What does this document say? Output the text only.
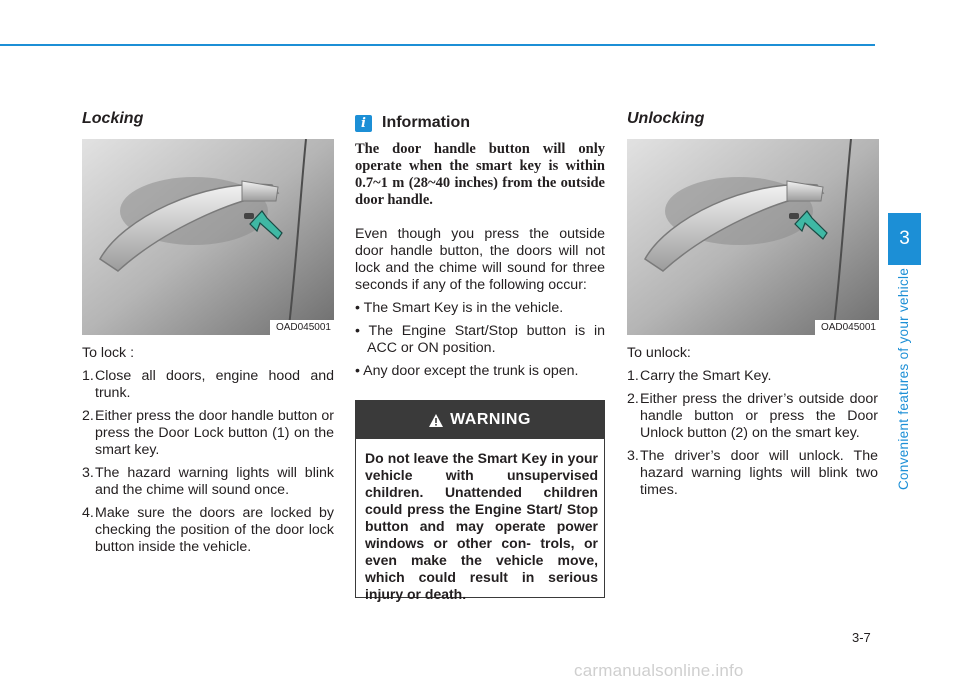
Locking
OAD045001

To lock :

1.Close all doors, engine hood and trunk.
2.Either press the door handle button or press the Door Lock button (1) on the smart key.
3.The hazard warning lights will blink and the chime will sound once.
4.Make sure the doors are locked by checking the position of the door lock button inside the vehicle.
i	Information
The door handle button will only operate when the smart key is within 0.7~1 m (28~40 inches) from the outside door handle.

Even though you press the outside door handle button, the doors will not lock and the chime will sound for three seconds if any of the following occur:

• The Smart Key is in the vehicle.
• The Engine Start/Stop button is in ACC or ON position.
• Any door except the trunk is open.
WARNING
Do not leave the Smart Key in your vehicle with unsupervised children. Unattended children could press the Engine Start/ Stop button and may operate power windows or other con- trols, or even make the vehicle move, which could result in serious injury or death.
Unlocking
OAD045001

To unlock:

1.Carry the Smart Key.
2.Either press the driver’s outside door handle button or press the Door Unlock button (2) on the smart key.
3.The driver’s door will unlock. The hazard warning lights will blink two times.
3
Convenient features of your vehicle
3-7
carmanualsonline.info
